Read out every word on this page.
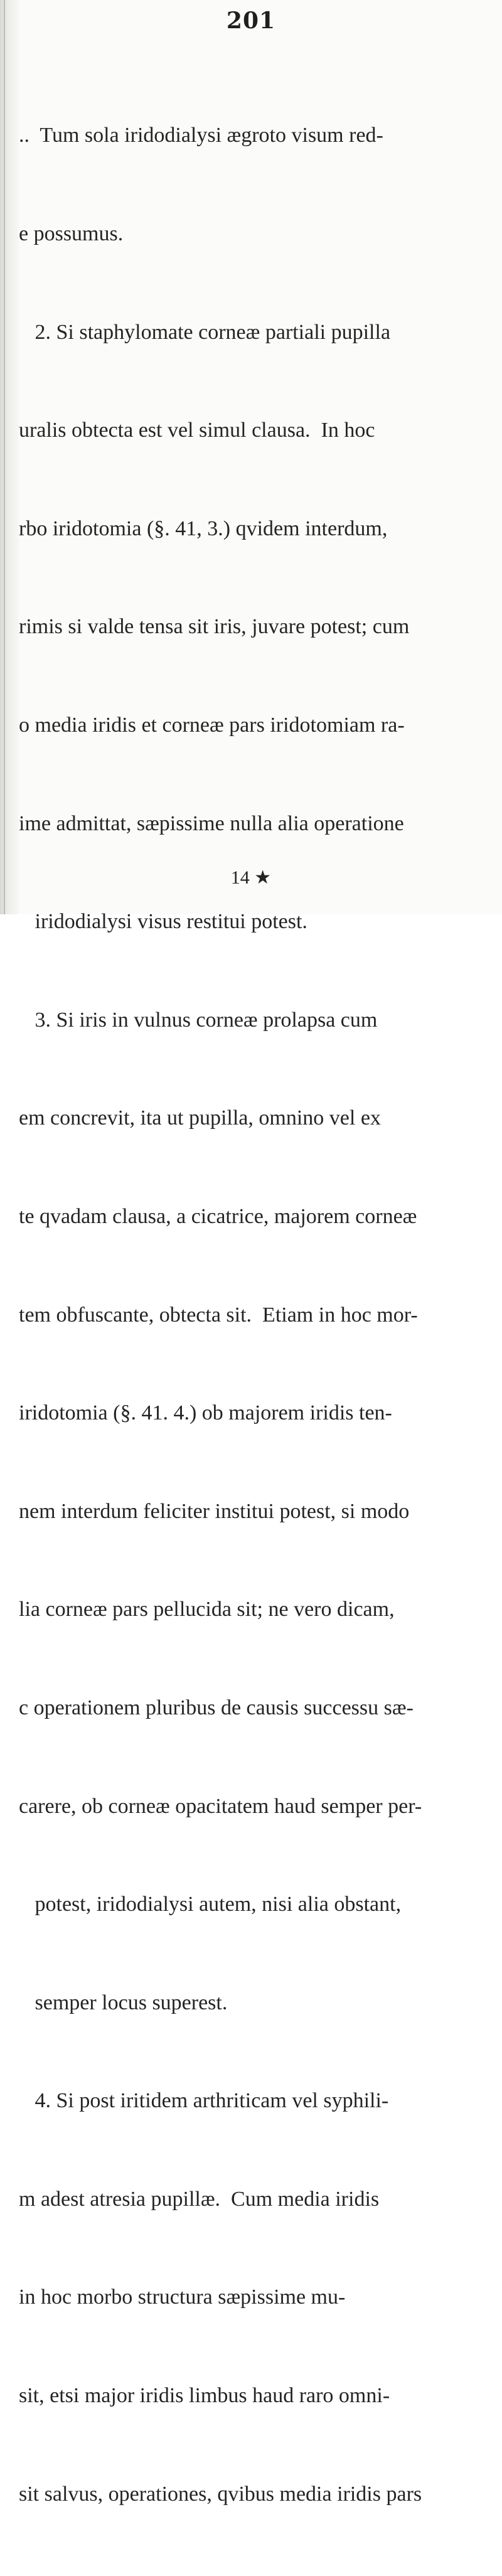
201

..  Tum sola iridodialysi ægroto visum red-

e possumus.

2. Si staphylomate corneæ partiali pupilla

uralis obtecta est vel simul clausa.  In hoc

rbo iridotomia (§. 41, 3.) qvidem interdum,

rimis si valde tensa sit iris, juvare potest; cum

o media iridis et corneæ pars iridotomiam ra-

ime admittat, sæpissime nulla alia operatione

iridodialysi visus restitui potest.

3. Si iris in vulnus corneæ prolapsa cum

em concrevit, ita ut pupilla, omnino vel ex

te qvadam clausa, a cicatrice, majorem corneæ

tem obfuscante, obtecta sit.  Etiam in hoc mor-

iridotomia (§. 41. 4.) ob majorem iridis ten-

nem interdum feliciter institui potest, si modo

lia corneæ pars pellucida sit; ne vero dicam,

c operationem pluribus de causis successu sæ-

carere, ob corneæ opacitatem haud semper per-

potest, iridodialysi autem, nisi alia obstant,

semper locus superest.

4. Si post iritidem arthriticam vel syphili-

m adest atresia pupillæ.  Cum media iridis

in hoc morbo structura sæpissime mu-

sit, etsi major iridis limbus haud raro omni-

sit salvus, operationes, qvibus media iridis pars

14 ★
